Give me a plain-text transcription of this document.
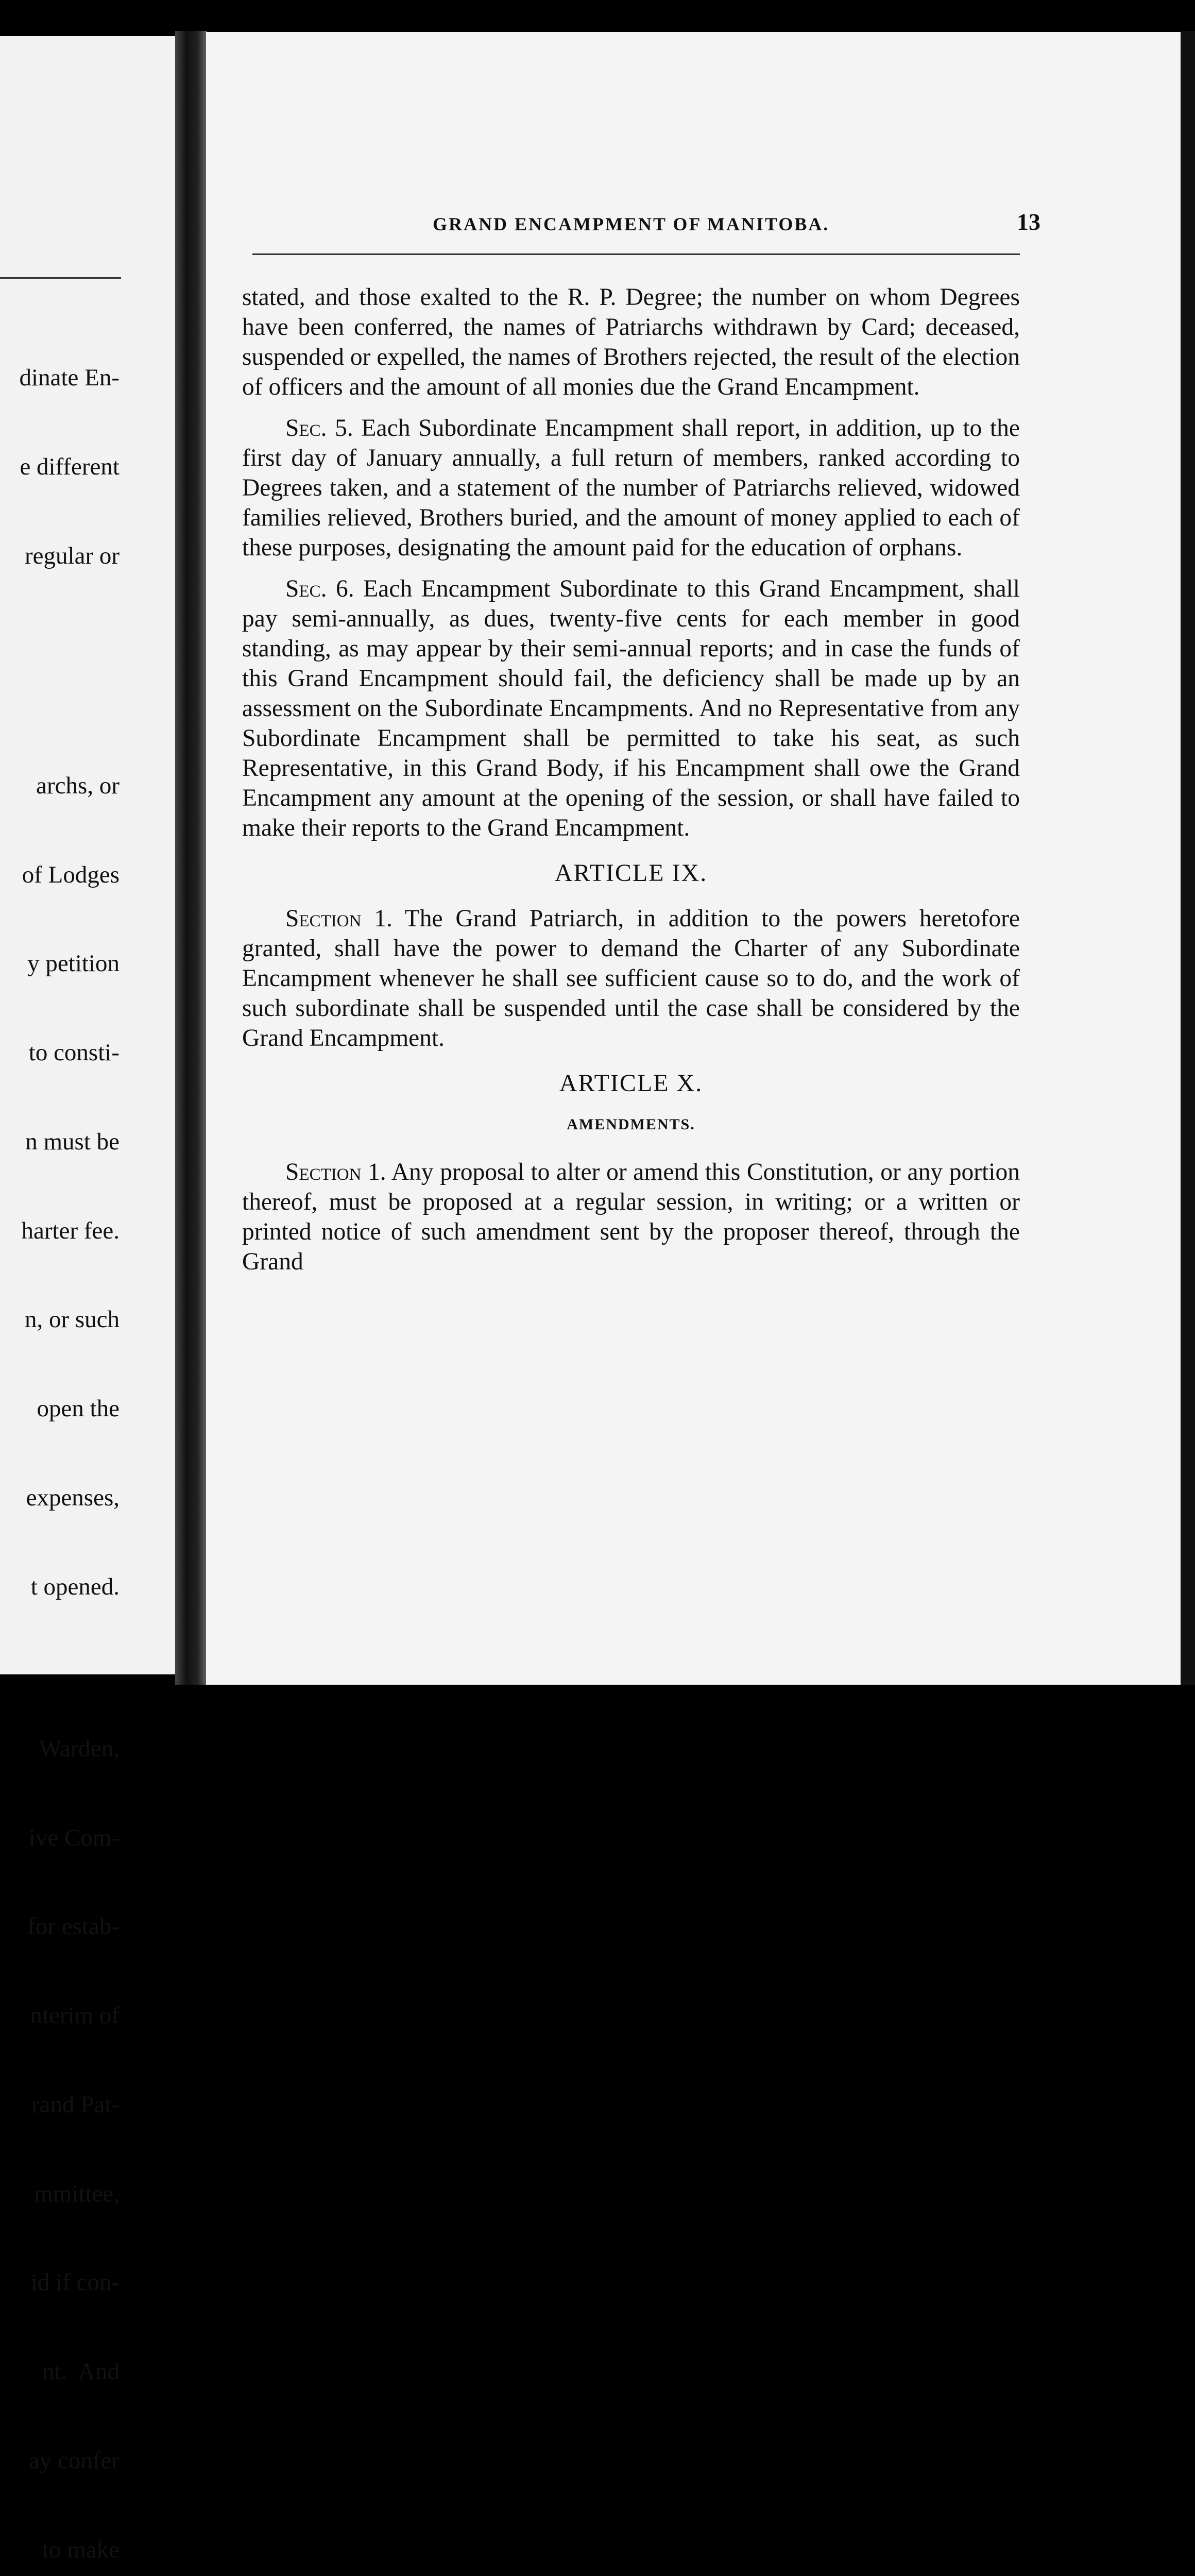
dinate En-

e different

regular or

archs, or

of Lodges

y petition

to consti-

n must be

harter fee.

n, or such

open the

expenses,

t opened.

Warden,

ive Com-

for estab-

nterim of

rand Pat-

mmittee,

id if con-

nt.  And

ay confer

to make

GRAND ENCAMPMENT OF MANITOBA.	13

stated, and those exalted to the R. P. Degree; the number on whom Degrees have been conferred, the names of Patriarchs withdrawn by Card; deceased, suspended or expelled, the names of Brothers rejected, the result of the election of officers and the amount of all monies due the Grand Encampment.

Sec. 5. Each Subordinate Encampment shall report, in addition, up to the first day of January annually, a full return of members, ranked according to Degrees taken, and a statement of the number of Patriarchs relieved, widowed families relieved, Brothers buried, and the amount of money applied to each of these purposes, designating the amount paid for the education of orphans.

Sec. 6. Each Encampment Subordinate to this Grand Encampment, shall pay semi-annually, as dues, twenty-five cents for each member in good standing, as may appear by their semi-annual reports; and in case the funds of this Grand Encampment should fail, the deficiency shall be made up by an assessment on the Subordinate Encampments. And no Representative from any Subordinate Encampment shall be permitted to take his seat, as such Representative, in this Grand Body, if his Encampment shall owe the Grand Encampment any amount at the opening of the session, or shall have failed to make their reports to the Grand Encampment.

ARTICLE IX.

Section 1. The Grand Patriarch, in addition to the powers heretofore granted, shall have the power to demand the Charter of any Subordinate Encampment whenever he shall see sufficient cause so to do, and the work of such subordinate shall be suspended until the case shall be considered by the Grand Encampment.

ARTICLE X.
AMENDMENTS.

Section 1. Any proposal to alter or amend this Constitution, or any portion thereof, must be proposed at a regular session, in writing; or a written or printed notice of such amendment sent by the proposer thereof, through the Grand
